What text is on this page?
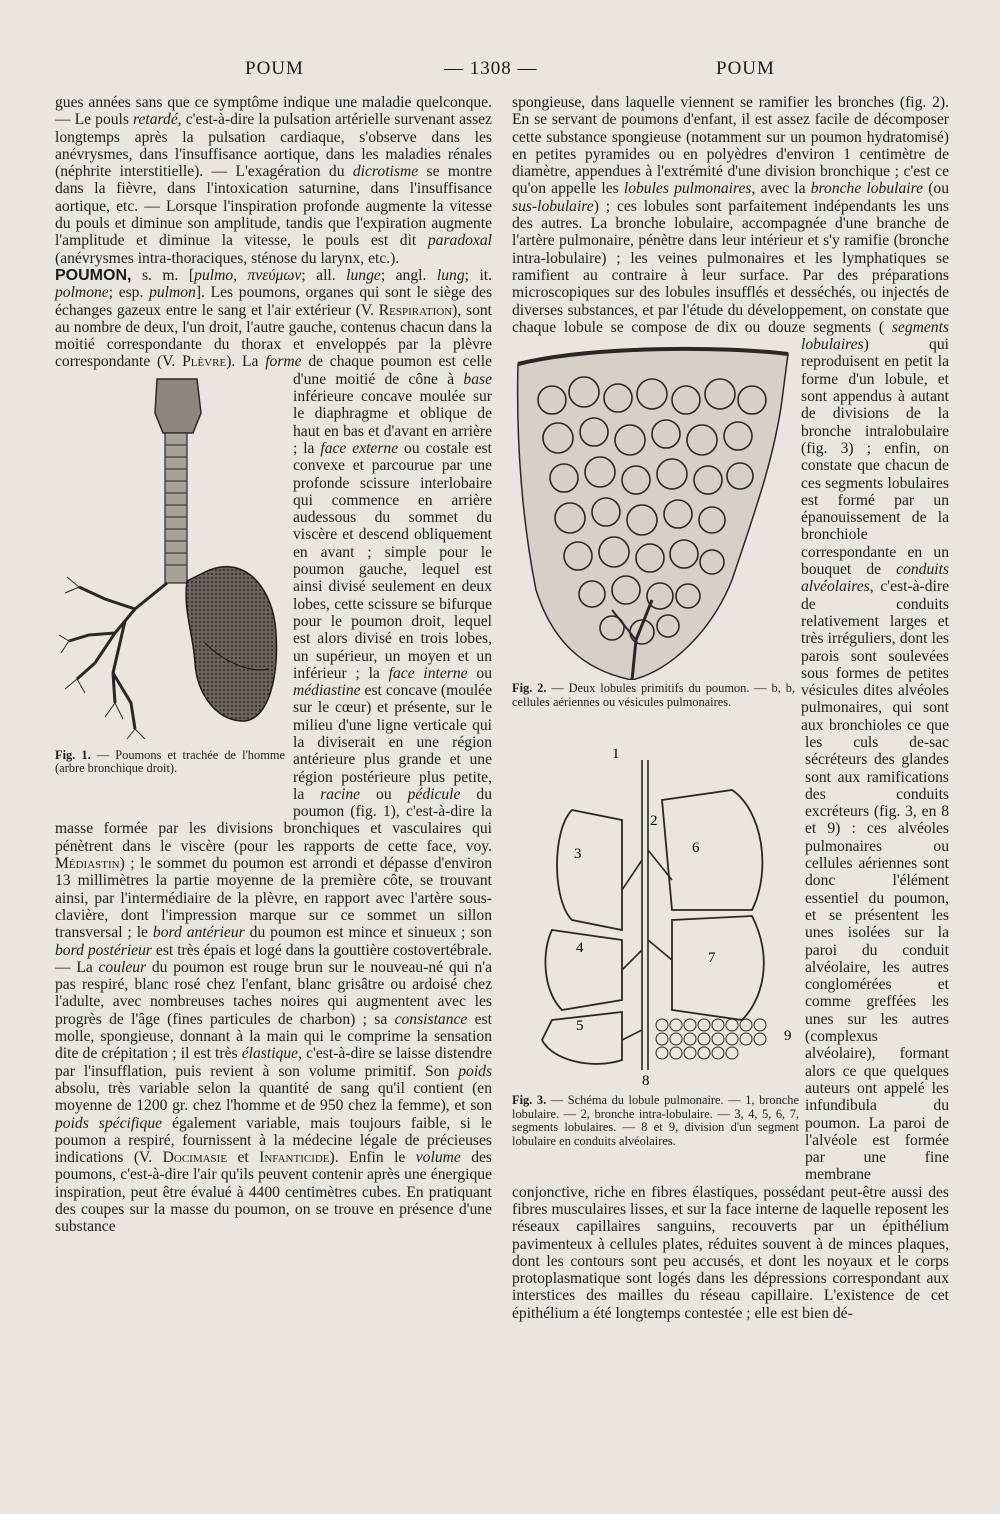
POUM	— 1308 —	POUM

gues années sans que ce symptôme indique une maladie quelconque. — Le pouls retardé, c'est-à-dire la pulsation artérielle survenant assez longtemps après la pulsation cardiaque, s'observe dans les anévrysmes, dans l'insuffisance aortique, dans les maladies rénales (néphrite interstitielle). — L'exagération du dicrotisme se montre dans la fièvre, dans l'intoxication saturnine, dans l'insuffisance aortique, etc. — Lorsque l'inspiration profonde augmente la vitesse du pouls et diminue son amplitude, tandis que l'expiration augmente l'amplitude et diminue la vitesse, le pouls est dit paradoxal (anévrysmes intra-thoraciques, sténose du larynx, etc.).

POUMON, s. m. [pulmo, πνεύμων; all. lunge; angl. lung; it. polmone; esp. pulmon]. Les poumons, organes qui sont le siège des échanges gazeux entre le sang et l'air extérieur (V. Respiration), sont au nombre de deux, l'un droit, l'autre gauche, contenus chacun dans la moitié correspondante du thorax et enveloppés par la plèvre correspondante (V. Plèvre). La forme de chaque poumon est celle d'une moitié de cône à
Fig. 1. — Poumons et trachée de l'homme (arbre bronchique droit).
base inférieure concave moulée sur le diaphragme et oblique de haut en bas et d'avant en arrière ; la face externe ou costale est convexe et parcourue par une profonde scissure interlobaire qui commence en arrière audessous du sommet du viscère et descend obliquement en avant ; simple pour le poumon gauche, lequel est ainsi divisé seulement en deux lobes, cette scissure se bifurque pour le poumon droit, lequel est alors divisé en trois lobes, un supérieur, un moyen et un inférieur ; la face interne ou médiastine est concave (moulée sur le cœur) et présente, sur le milieu d'une ligne verticale qui la diviserait en une région antérieure plus grande et une région postérieure plus petite, la racine ou pédicule du poumon (fig. 1), c'est-à-dire la masse formée par les divisions bronchiques et vasculaires qui pénètrent dans le viscère (pour les rapports de cette face, voy. Médiastin) ; le sommet du poumon est arrondi et dépasse d'environ 13 millimètres la partie moyenne de la première côte, se trouvant ainsi, par l'intermédiaire de la plèvre, en rapport avec l'artère sous-clavière, dont l'impression marque sur ce sommet un sillon transversal ; le bord antérieur du poumon est mince et sinueux ; son bord postérieur est très épais et logé dans la gouttière costovertébrale. — La couleur du poumon est rouge brun sur le nouveau-né qui n'a pas respiré, blanc rosé chez l'enfant, blanc grisâtre ou ardoisé chez l'adulte, avec nombreuses taches noires qui augmentent avec les progrès de l'âge (fines particules de charbon) ; sa consistance est molle, spongieuse, donnant à la main qui le comprime la sensation dite de crépitation ; il est très élastique, c'est-à-dire se laisse distendre par l'insufflation, puis revient à son volume primitif. Son poids absolu, très variable selon la quantité de sang qu'il contient (en moyenne de 1200 gr. chez l'homme et de 950 chez la femme), et son poids spécifique également variable, mais toujours faible, si le poumon a respiré, fournissent à la médecine légale de précieuses indications (V. Docimasie et Infanticide). Enfin le volume des poumons, c'est-à-dire l'air qu'ils peuvent contenir après une énergique inspiration, peut être évalué à 4400 centimètres cubes. En pratiquant des coupes sur la masse du poumon, on se trouve en présence d'une substance

spongieuse, dans laquelle viennent se ramifier les bronches (fig. 2). En se servant de poumons d'enfant, il est assez facile de décomposer cette substance spongieuse (notamment sur un poumon hydratomisé) en petites pyramides ou en polyèdres d'environ 1 centimètre de diamètre, appendues à l'extrémité d'une division bronchique ; c'est ce qu'on appelle les lobules pulmonaires, avec la bronche lobulaire (ou sus-lobulaire) ; ces lobules sont parfaitement indépendants les uns des autres. La bronche lobulaire, accompagnée d'une branche de l'artère pulmonaire, pénètre dans leur intérieur et s'y ramifie (bronche intra-lobulaire) ; les veines pulmonaires et les lymphatiques se ramifient au contraire à leur surface. Par des préparations microscopiques sur des lobules insufflés et desséchés, ou injectés de diverses substances, et par l'étude du développement, on constate que chaque lobule se compose de dix ou douze segments (
Fig. 2. — Deux lobules primitifs du poumon. — b, b, cellules aériennes ou vésicules pulmonaires.
segments lobulaires) qui reproduisent en petit la forme d'un lobule, et sont appendus à autant de divisions de la bronche intralobulaire (fig. 3) ; enfin, on constate que chacun de ces segments lobulaires est formé par un épanouissement de la bronchiole correspondante en un bouquet de conduits alvéolaires
1
2
3	6
4
7
5
9
8
Fig. 3. — Schéma du lobule pulmonaire. — 1, bronche lobulaire. — 2, bronche intra-lobulaire. — 3, 4, 5, 6, 7, segments lobulaires. — 8 et 9, division d'un segment lobulaire en conduits alvéolaires.
, c'est-à-dire de conduits relativement larges et très irréguliers, dont les parois sont soulevées sous formes de petites vésicules dites alvéoles pulmonaires, qui sont aux bronchioles ce que les culs de-sac sécréteurs des glandes sont aux ramifications des conduits excréteurs (fig. 3, en 8 et 9) : ces alvéoles pulmonaires ou cellules aériennes sont donc l'élément essentiel du poumon, et se présentent les unes isolées sur la paroi du conduit alvéolaire, les autres conglomérées et comme greffées les unes sur les autres (complexus alvéolaire), formant alors ce que quelques auteurs ont appelé les infundibula du poumon. La paroi de l'alvéole est formée par une fine membrane conjonctive, riche en fibres élastiques, possédant peut-être aussi des fibres musculaires lisses, et sur la face interne de laquelle reposent les réseaux capillaires sanguins, recouverts par un épithélium pavimenteux à cellules plates, réduites souvent à de minces plaques, dont les contours sont peu accusés, et dont les noyaux et le corps protoplasmatique sont logés dans les dépressions correspondant aux interstices des mailles du réseau capillaire. L'existence de cet épithélium a été longtemps contestée ; elle est bien dé-
